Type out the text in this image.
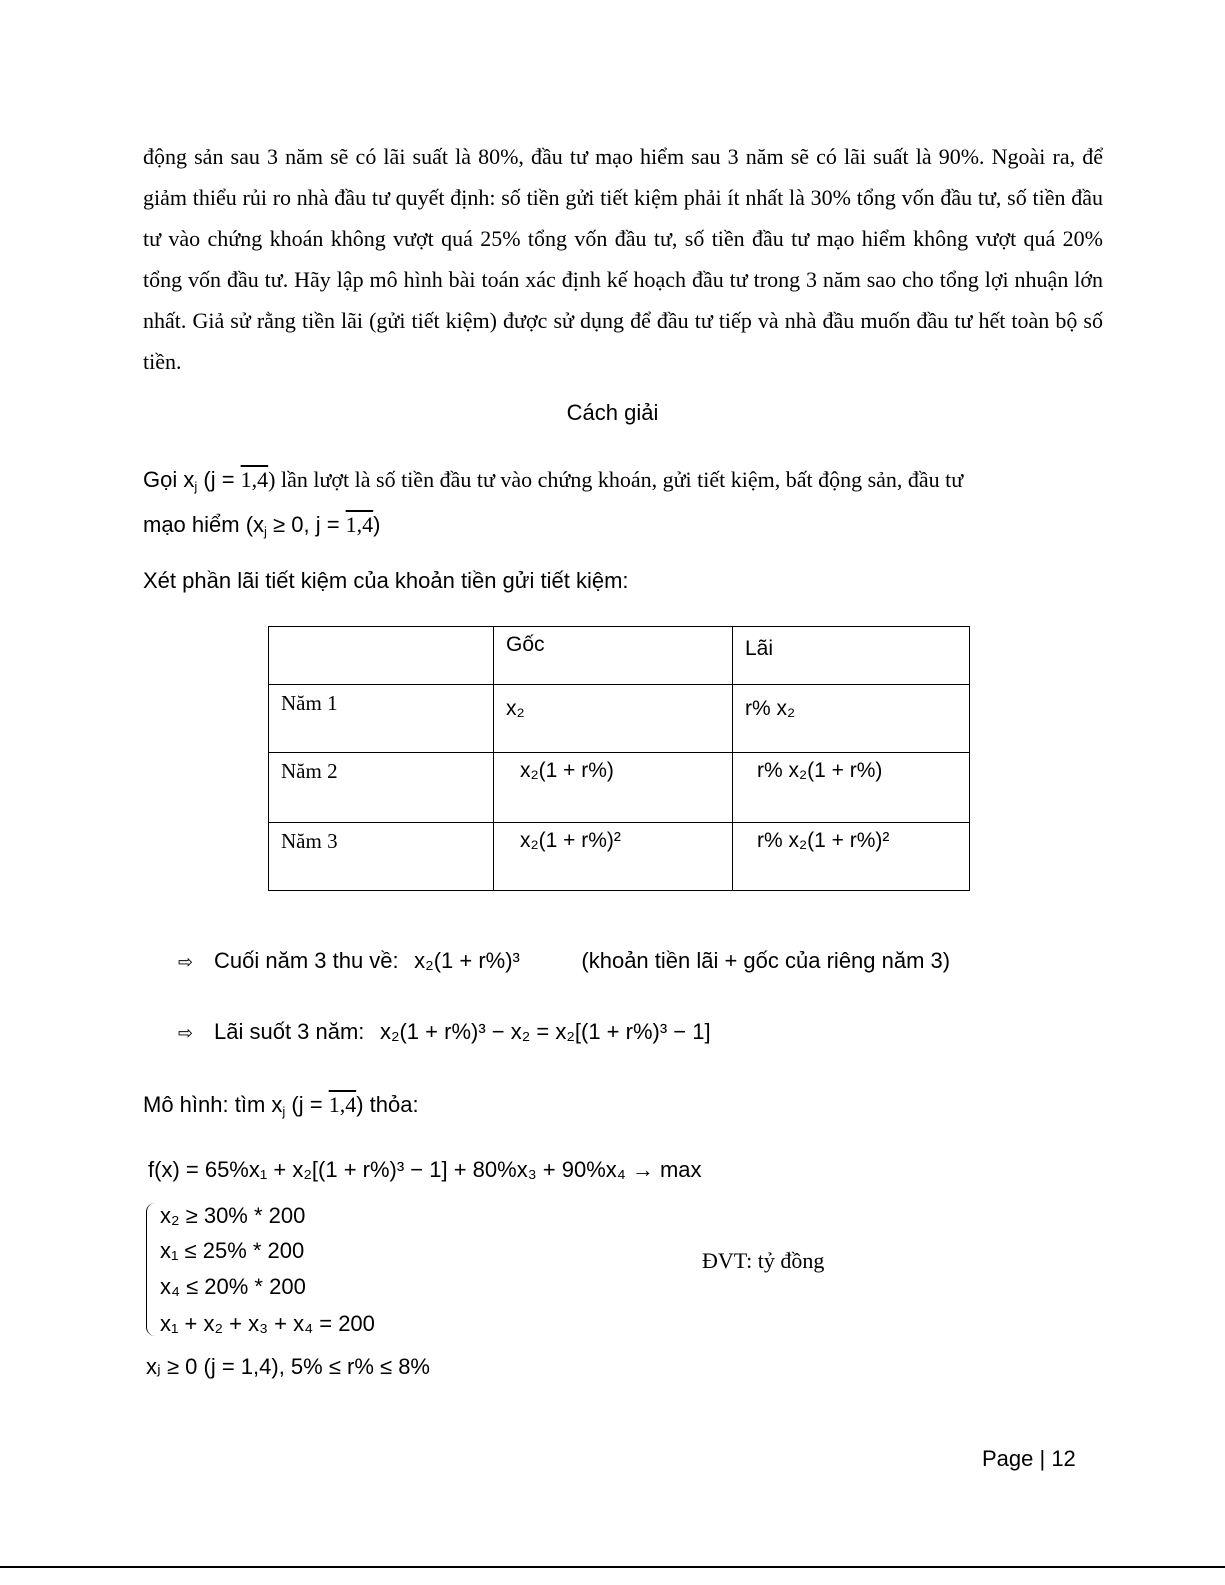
động sản sau 3 năm sẽ có lãi suất là 80%, đầu tư mạo hiểm sau 3 năm sẽ có lãi suất là 90%. Ngoài ra, để giảm thiểu rủi ro nhà đầu tư quyết định: số tiền gửi tiết kiệm phải ít nhất là 30% tổng vốn đầu tư, số tiền đầu tư vào chứng khoán không vượt quá 25% tổng vốn đầu tư, số tiền đầu tư mạo hiểm không vượt quá 20% tổng vốn đầu tư. Hãy lập mô hình bài toán xác định kế hoạch đầu tư trong 3 năm sao cho tổng lợi nhuận lớn nhất. Giả sử rằng tiền lãi (gửi tiết kiệm) được sử dụng để đầu tư tiếp và nhà đầu muốn đầu tư hết toàn bộ số tiền.
Cách giải
Gọi $x_j$ (j = 1,4) lần lượt là số tiền đầu tư vào chứng khoán, gửi tiết kiệm, bất động sản, đầu tư
mạo hiểm ($x_j \ge 0$, j = 1,4)
Xét phần lãi tiết kiệm của khoản tiền gửi tiết kiệm:
	Gốc	Lãi
Năm 1	x₂	r% x₂
Năm 2	x₂(1 + r%)	r% x₂(1 + r%)
Năm 3	x₂(1 + r%)²	r% x₂(1 + r%)²
⇨ Cuối năm 3 thu về: x₂(1 + r%)³	(khoản tiền lãi + gốc của riêng năm 3)
⇨ Lãi suốt 3 năm: x₂(1 + r%)³ − x₂ = x₂[(1 + r%)³ − 1]
Mô hình: tìm $x_j$ (j = 1,4) thỏa:
f(x) = 65%x₁ + x₂[(1 + r%)³ − 1] + 80%x₃ + 90%x₄ → max
x₂ ≥ 30% * 200
x₁ ≤ 25% * 200
x₄ ≤ 20% * 200
x₁ + x₂ + x₃ + x₄ = 200
ĐVT: tỷ đồng
xⱼ ≥ 0 (j = 1,4), 5% ≤ r% ≤ 8%
Page | 12
